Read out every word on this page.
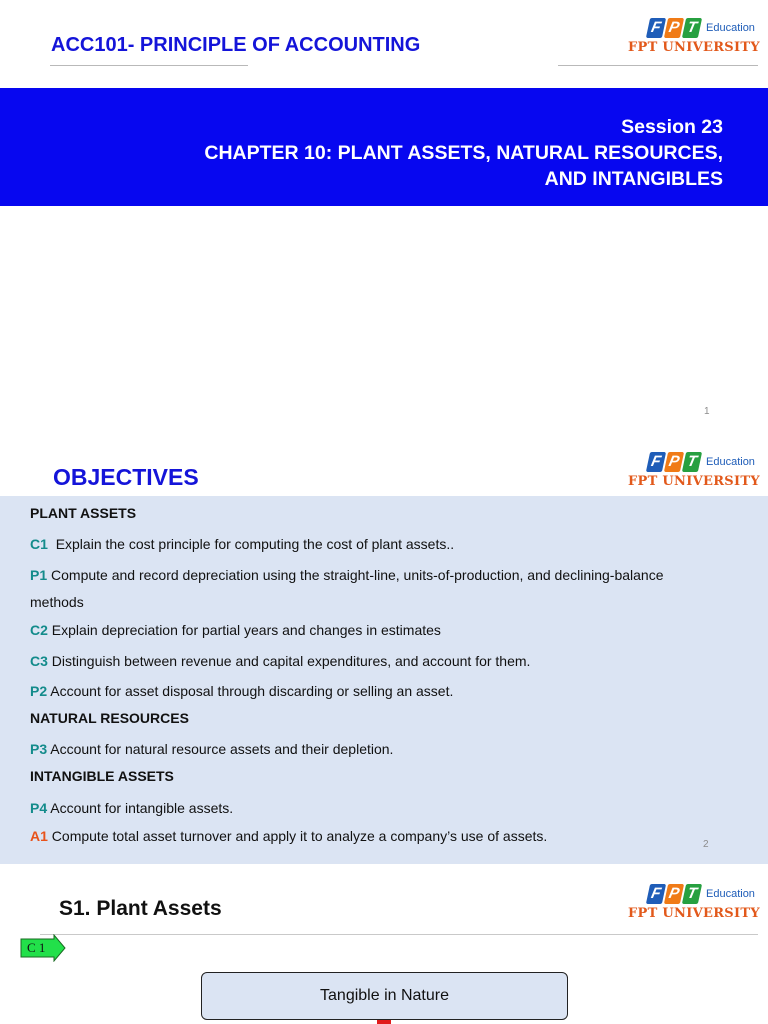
ACC101- PRINCIPLE OF ACCOUNTING
F P T Education
FPT UNIVERSITY
Session 23
CHAPTER 10: PLANT ASSETS, NATURAL RESOURCES,
AND INTANGIBLES
1
OBJECTIVES
F P T Education
FPT UNIVERSITY
PLANT ASSETS
C1 Explain the cost principle for computing the cost of plant assets..
P1 Compute and record depreciation using the straight-line, units-of-production, and declining-balance
methods
C2 Explain depreciation for partial years and changes in estimates
C3 Distinguish between revenue and capital expenditures, and account for them.
P2 Account for asset disposal through discarding or selling an asset.
NATURAL RESOURCES
P3 Account for natural resource assets and their depletion.
INTANGIBLE ASSETS
P4 Account for intangible assets.
A1 Compute total asset turnover and apply it to analyze a company’s use of assets.
2
S1. Plant Assets
F P T Education
FPT UNIVERSITY
C 1
Tangible in Nature
